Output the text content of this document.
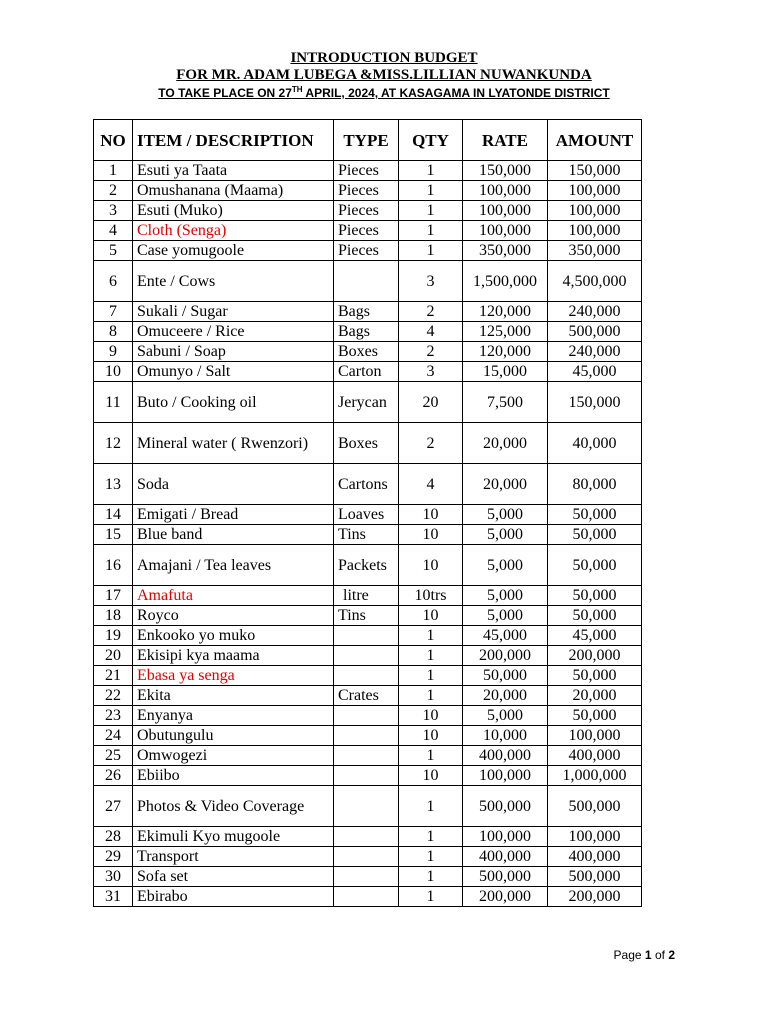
INTRODUCTION BUDGET
FOR MR. ADAM LUBEGA &MISS.LILLIAN NUWANKUNDA
TO TAKE PLACE ON 27TH APRIL, 2024, AT KASAGAMA IN LYATONDE DISTRICT
NO	ITEM / DESCRIPTION	TYPE	QTY	RATE	AMOUNT
1	Esuti ya Taata	Pieces	1	150,000	150,000
2	Omushanana (Maama)	Pieces	1	100,000	100,000
3	Esuti (Muko)	Pieces	1	100,000	100,000
4	Cloth (Senga)	Pieces	1	100,000	100,000
5	Case yomugoole	Pieces	1	350,000	350,000
6	Ente / Cows		3	1,500,000	4,500,000
7	Sukali / Sugar	Bags	2	120,000	240,000
8	Omuceere / Rice	Bags	4	125,000	500,000
9	Sabuni / Soap	Boxes	2	120,000	240,000
10	Omunyo / Salt	Carton	3	15,000	45,000
11	Buto / Cooking oil	Jerycan	20	7,500	150,000
12	Mineral water ( Rwenzori)	Boxes	2	20,000	40,000
13	Soda	Cartons	4	20,000	80,000
14	Emigati / Bread	Loaves	10	5,000	50,000
15	Blue band	Tins	10	5,000	50,000
16	Amajani / Tea leaves	Packets	10	5,000	50,000
17	Amafuta	litre	10trs	5,000	50,000
18	Royco	Tins	10	5,000	50,000
19	Enkooko yo muko		1	45,000	45,000
20	Ekisipi kya maama		1	200,000	200,000
21	Ebasa ya senga		1	50,000	50,000
22	Ekita	Crates	1	20,000	20,000
23	Enyanya		10	5,000	50,000
24	Obutungulu		10	10,000	100,000
25	Omwogezi		1	400,000	400,000
26	Ebiibo		10	100,000	1,000,000
27	Photos & Video Coverage		1	500,000	500,000
28	Ekimuli Kyo mugoole		1	100,000	100,000
29	Transport		1	400,000	400,000
30	Sofa set		1	500,000	500,000
31	Ebirabo		1	200,000	200,000
Page 1 of 2
